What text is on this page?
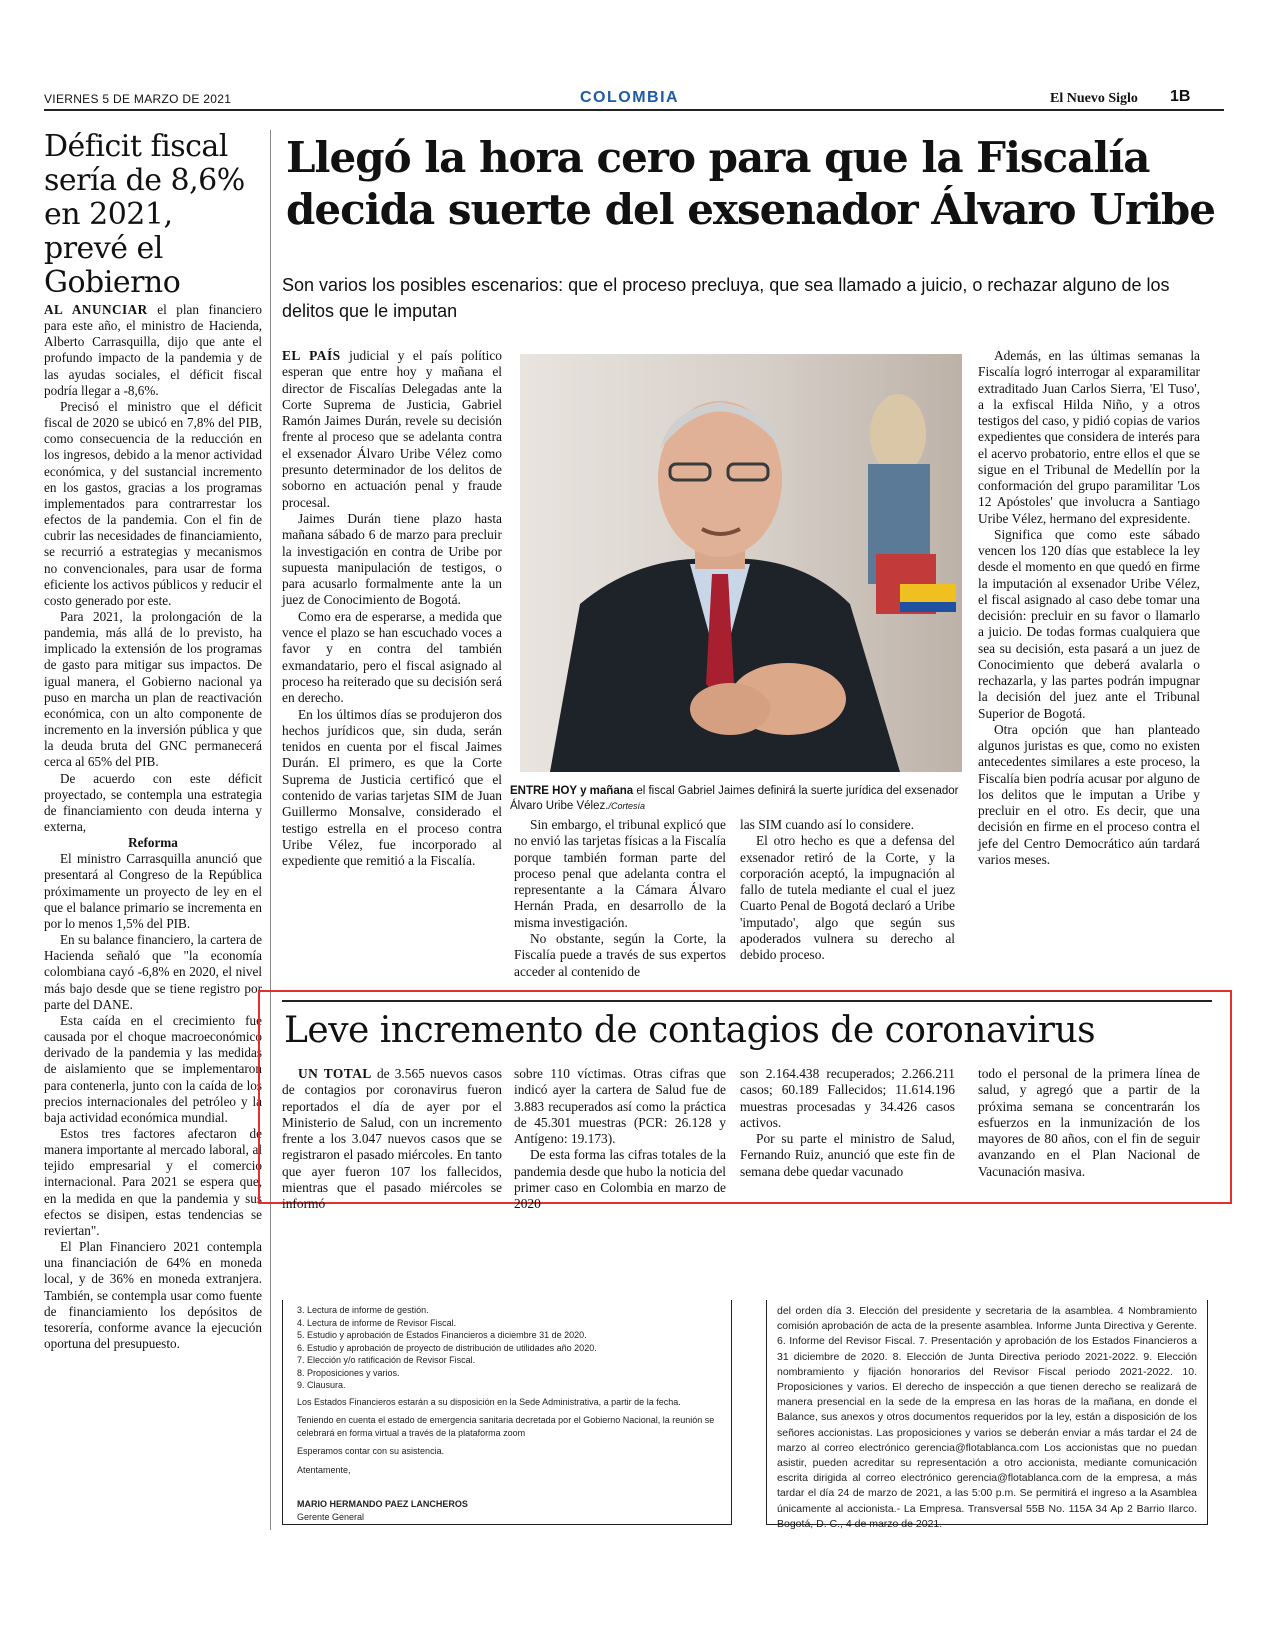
VIERNES 5 DE MARZO DE 2021	COLOMBIA	El Nuevo Siglo 1B
Déficit fiscal sería de 8,6% en 2021, prevé el Gobierno

AL ANUNCIAR el plan financiero para este año, el ministro de Hacienda, Alberto Carrasquilla, dijo que ante el profundo impacto de la pandemia y de las ayudas sociales, el déficit fiscal podría llegar a -8,6%.

Precisó el ministro que el déficit fiscal de 2020 se ubicó en 7,8% del PIB, como consecuencia de la reducción en los ingresos, debido a la menor actividad económica, y del sustancial incremento en los gastos, gracias a los programas implementados para contrarrestar los efectos de la pandemia. Con el fin de cubrir las necesidades de financiamiento, se recurrió a estrategias y mecanismos no convencionales, para usar de forma eficiente los activos públicos y reducir el costo generado por este.

Para 2021, la prolongación de la pandemia, más allá de lo previsto, ha implicado la extensión de los programas de gasto para mitigar sus impactos. De igual manera, el Gobierno nacional ya puso en marcha un plan de reactivación económica, con un alto componente de incremento en la inversión pública y que la deuda bruta del GNC permanecerá cerca al 65% del PIB.

De acuerdo con este déficit proyectado, se contempla una estrategia de financiamiento con deuda interna y externa,

Reforma

El ministro Carrasquilla anunció que presentará al Congreso de la República próximamente un proyecto de ley en el que el balance primario se incrementa en por lo menos 1,5% del PIB.

En su balance financiero, la cartera de Hacienda señaló que "la economía colombiana cayó -6,8% en 2020, el nivel más bajo desde que se tiene registro por parte del DANE.

Esta caída en el crecimiento fue causada por el choque macroeconómico derivado de la pandemia y las medidas de aislamiento que se implementaron para contenerla, junto con la caída de los precios internacionales del petróleo y la baja actividad económica mundial.

Estos tres factores afectaron de manera importante al mercado laboral, al tejido empresarial y el comercio internacional. Para 2021 se espera que, en la medida en que la pandemia y sus efectos se disipen, estas tendencias se reviertan".

El Plan Financiero 2021 contempla una financiación de 64% en moneda local, y de 36% en moneda extranjera. También, se contempla usar como fuente de financiamiento los depósitos de tesorería, conforme avance la ejecución oportuna del presupuesto.

Llegó la hora cero para que la Fiscalía decida suerte del exsenador Álvaro Uribe
Son varios los posibles escenarios: que el proceso precluya, que sea llamado a juicio, o rechazar alguno de los delitos que le imputan

EL PAÍS judicial y el país político esperan que entre hoy y mañana el director de Fiscalías Delegadas ante la Corte Suprema de Justicia, Gabriel Ramón Jaimes Durán, revele su decisión frente al proceso que se adelanta contra el exsenador Álvaro Uribe Vélez como presunto determinador de los delitos de soborno en actuación penal y fraude procesal.

Jaimes Durán tiene plazo hasta mañana sábado 6 de marzo para precluir la investigación en contra de Uribe por supuesta manipulación de testigos, o para acusarlo formalmente ante la un juez de Conocimiento de Bogotá.

Como era de esperarse, a medida que vence el plazo se han escuchado voces a favor y en contra del también exmandatario, pero el fiscal asignado al proceso ha reiterado que su decisión será en derecho.

En los últimos días se produjeron dos hechos jurídicos que, sin duda, serán tenidos en cuenta por el fiscal Jaimes Durán. El primero, es que la Corte Suprema de Justicia certificó que el contenido de varias tarjetas SIM de Juan Guillermo Monsalve, considerado el testigo estrella en el proceso contra Uribe Vélez, fue incorporado al expediente que remitió a la Fiscalía.

ENTRE HOY y mañana el fiscal Gabriel Jaimes definirá la suerte jurídica del exsenador Álvaro Uribe Vélez./Cortesía

Sin embargo, el tribunal explicó que no envió las tarjetas físicas a la Fiscalía porque también forman parte del proceso penal que adelanta contra el representante a la Cámara Álvaro Hernán Prada, en desarrollo de la misma investigación.

No obstante, según la Corte, la Fiscalía puede a través de sus expertos acceder al contenido de

las SIM cuando así lo considere.

El otro hecho es que a defensa del exsenador retiró de la Corte, y la corporación aceptó, la impugnación al fallo de tutela mediante el cual el juez Cuarto Penal de Bogotá declaró a Uribe 'imputado', algo que según sus apoderados vulnera su derecho al debido proceso.

Además, en las últimas semanas la Fiscalía logró interrogar al exparamilitar extraditado Juan Carlos Sierra, 'El Tuso', a la exfiscal Hilda Niño, y a otros testigos del caso, y pidió copias de varios expedientes que considera de interés para el acervo probatorio, entre ellos el que se sigue en el Tribunal de Medellín por la conformación del grupo paramilitar 'Los 12 Apóstoles' que involucra a Santiago Uribe Vélez, hermano del expresidente.

Significa que como este sábado vencen los 120 días que establece la ley desde el momento en que quedó en firme la imputación al exsenador Uribe Vélez, el fiscal asignado al caso debe tomar una decisión: precluir en su favor o llamarlo a juicio. De todas formas cualquiera que sea su decisión, esta pasará a un juez de Conocimiento que deberá avalarla o rechazarla, y las partes podrán impugnar la decisión del juez ante el Tribunal Superior de Bogotá.

Otra opción que han planteado algunos juristas es que, como no existen antecedentes similares a este proceso, la Fiscalía bien podría acusar por alguno de los delitos que le imputan a Uribe y precluir en el otro. Es decir, que una decisión en firme en el proceso contra el jefe del Centro Democrático aún tardará varios meses.

Leve incremento de contagios de coronavirus

UN TOTAL de 3.565 nuevos casos de contagios por coronavirus fueron reportados el día de ayer por el Ministerio de Salud, con un incremento frente a los 3.047 nuevos casos que se registraron el pasado miércoles. En tanto que ayer fueron 107 los fallecidos, mientras que el pasado miércoles se informó

sobre 110 víctimas. Otras cifras que indicó ayer la cartera de Salud fue de 3.883 recuperados así como la práctica de 45.301 muestras (PCR: 26.128 y Antígeno: 19.173).

De esta forma las cifras totales de la pandemia desde que hubo la noticia del primer caso en Colombia en marzo de 2020

son 2.164.438 recuperados; 2.266.211 casos; 60.189 Fallecidos; 11.614.196 muestras procesadas y 34.426 casos activos.

Por su parte el ministro de Salud, Fernando Ruiz, anunció que este fin de semana debe quedar vacunado

todo el personal de la primera línea de salud, y agregó que a partir de la próxima semana se concentrarán los esfuerzos en la inmunización de los mayores de 80 años, con el fin de seguir avanzando en el Plan Nacional de Vacunación masiva.

3. Lectura de informe de gestión.
4. Lectura de informe de Revisor Fiscal.
5. Estudio y aprobación de Estados Financieros a diciembre 31 de 2020.
6. Estudio y aprobación de proyecto de distribución de utilidades año 2020.
7. Elección y/o ratificación de Revisor Fiscal.
8. Proposiciones y varios.
9. Clausura.
Los Estados Financieros estarán a su disposición en la Sede Administrativa, a partir de la fecha.
Teniendo en cuenta el estado de emergencia sanitaria decretada por el Gobierno Nacional, la reunión se celebrará en forma virtual a través de la plataforma zoom
Esperamos contar con su asistencia.
Atentamente,
MARIO HERMANDO PAEZ LANCHEROS
Gerente General
del orden día 3. Elección del presidente y secretaria de la asamblea. 4 Nombramiento comisión aprobación de acta de la presente asamblea. Informe Junta Directiva y Gerente. 6. Informe del Revisor Fiscal. 7. Presentación y aprobación de los Estados Financieros a 31 diciembre de 2020. 8. Elección de Junta Directiva periodo 2021-2022. 9. Elección nombramiento y fijación honorarios del Revisor Fiscal periodo 2021-2022. 10. Proposiciones y varios. El derecho de inspección a que tienen derecho se realizará de manera presencial en la sede de la empresa en las horas de la mañana, en donde el Balance, sus anexos y otros documentos requeridos por la ley, están a disposición de los señores accionistas. Las proposiciones y varios se deberán enviar a más tardar el 24 de marzo al correo electrónico gerencia@flotablanca.com Los accionistas que no puedan asistir, pueden acreditar su representación a otro accionista, mediante comunicación escrita dirigida al correo electrónico gerencia@flotablanca.com de la empresa, a más tardar el día 24 de marzo de 2021, a las 5:00 p.m. Se permitirá el ingreso a la Asamblea únicamente al accionista.- La Empresa. Transversal 55B No. 115A 34 Ap 2 Barrio Ilarco. Bogotá, D. C., 4 de marzo de 2021.
